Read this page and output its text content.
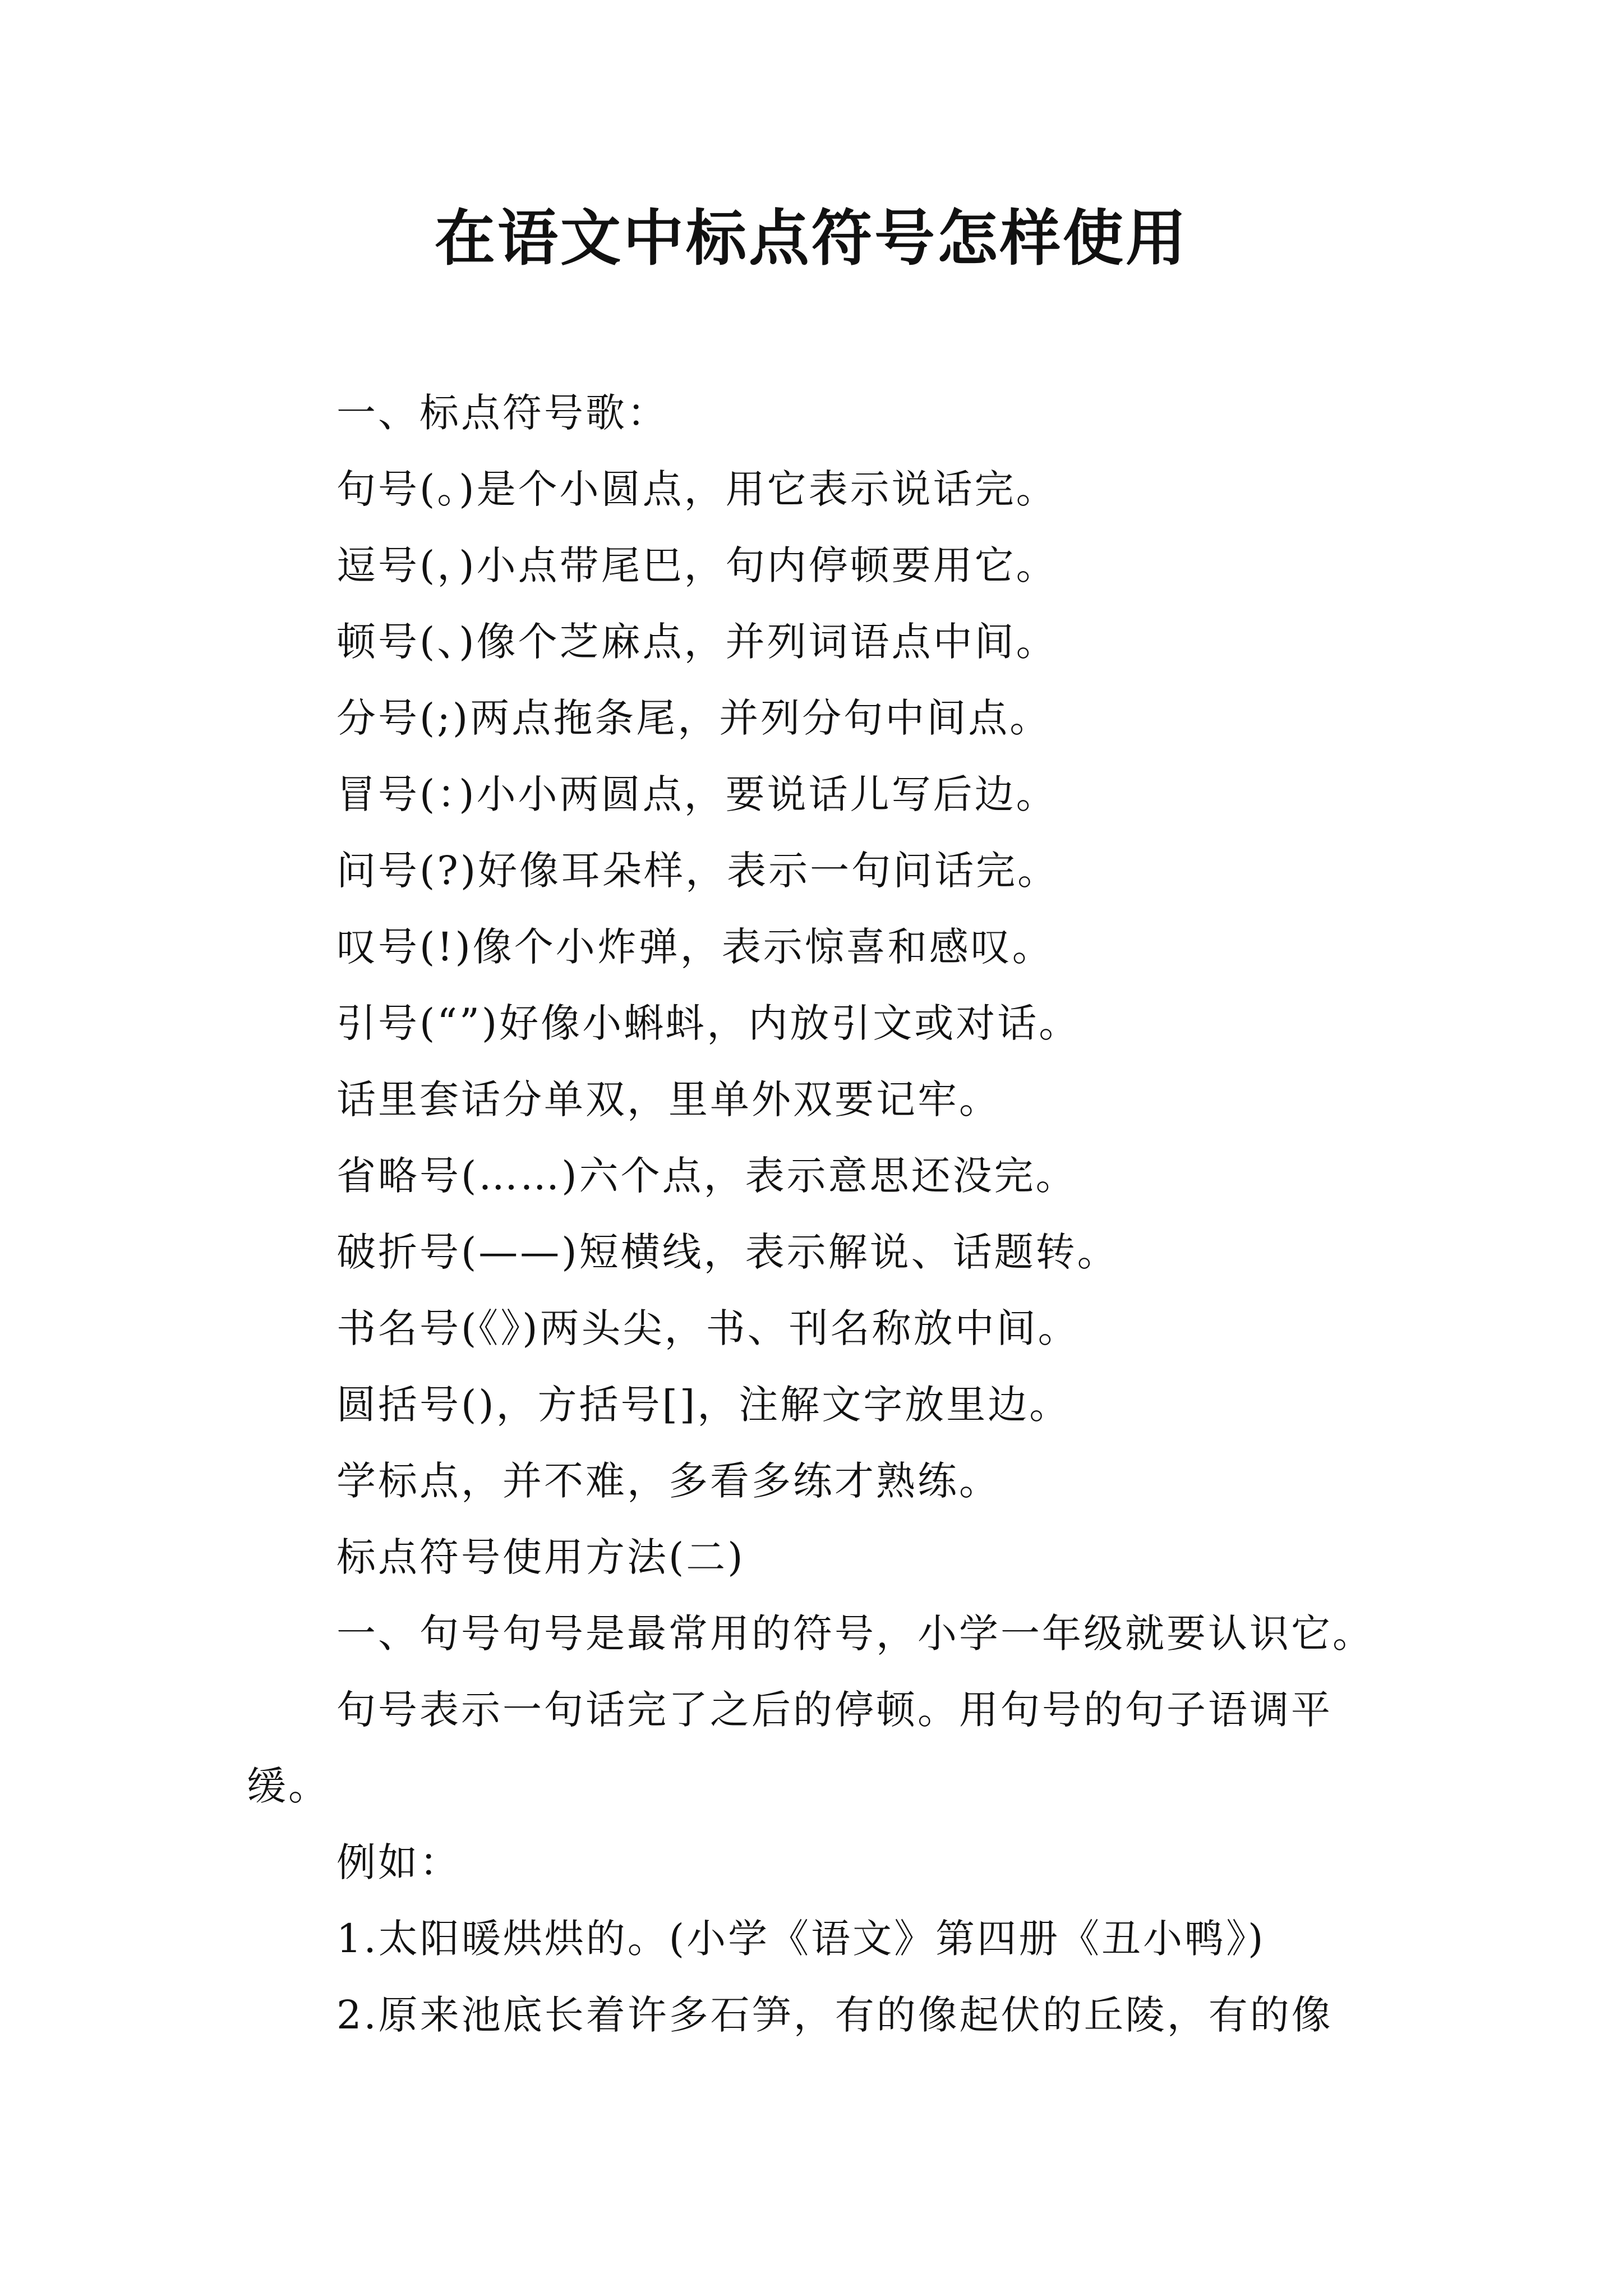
在语文中标点符号怎样使用
一、标点符号歌：
句号(。)是个小圆点，用它表示说话完。
逗号(，)小点带尾巴，句内停顿要用它。
顿号(、)像个芝麻点，并列词语点中间。
分号(;)两点拖条尾，并列分句中间点。
冒号(：)小小两圆点，要说话儿写后边。
问号(?)好像耳朵样，表示一句问话完。
叹号(!)像个小炸弹，表示惊喜和感叹。
引号(“”)好像小蝌蚪，内放引文或对话。
话里套话分单双，里单外双要记牢。
省略号(……)六个点，表示意思还没完。
破折号(——)短横线，表示解说、话题转。
书名号(《》)两头尖，书、刊名称放中间。
圆括号()，方括号[]，注解文字放里边。
学标点，并不难，多看多练才熟练。
标点符号使用方法(二)
一、句号句号是最常用的符号，小学一年级就要认识它。
句号表示一句话完了之后的停顿。用句号的句子语调平
缓。
例如：
1.太阳暖烘烘的。(小学《语文》第四册《丑小鸭》)
2.原来池底长着许多石笋，有的像起伏的丘陵，有的像
